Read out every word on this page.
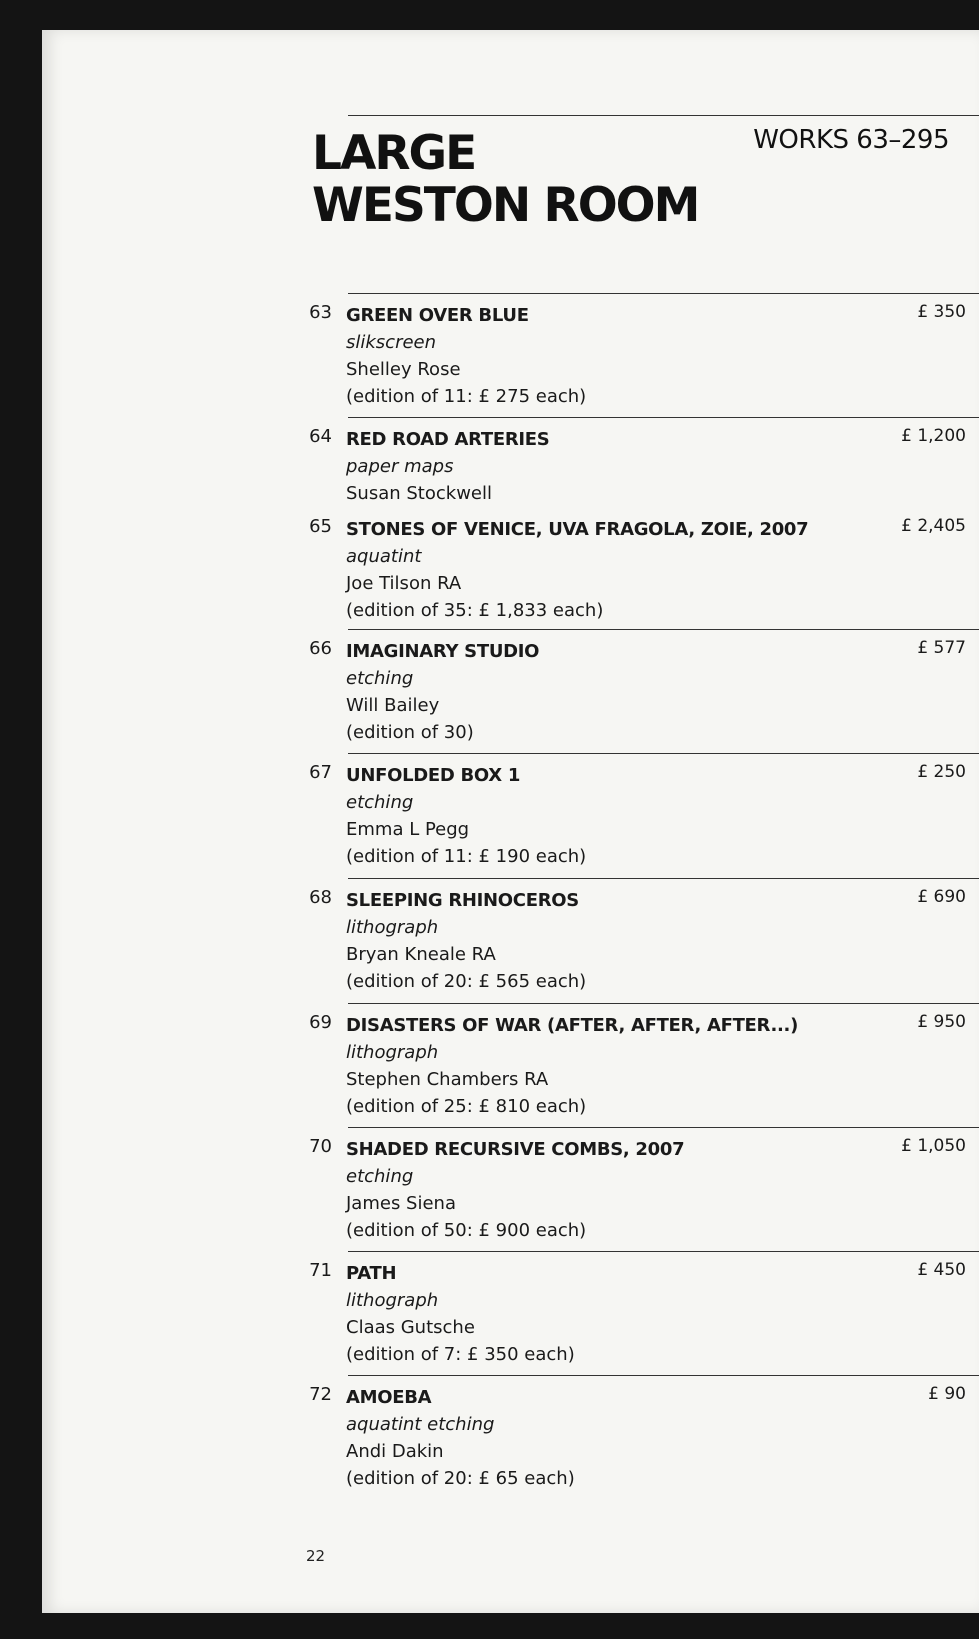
LARGE
WESTON ROOM
WORKS 63–295
63 GREEN OVER BLUE
slikscreen
Shelley Rose
(edition of 11: £ 275 each)
£ 350
64 RED ROAD ARTERIES
paper maps
Susan Stockwell
£ 1,200
65 STONES OF VENICE, UVA FRAGOLA, ZOIE, 2007
aquatint
Joe Tilson RA
(edition of 35: £ 1,833 each)
£ 2,405
66 IMAGINARY STUDIO
etching
Will Bailey
(edition of 30)
£ 577
67 UNFOLDED BOX 1
etching
Emma L Pegg
(edition of 11: £ 190 each)
£ 250
68 SLEEPING RHINOCEROS
lithograph
Bryan Kneale RA
(edition of 20: £ 565 each)
£ 690
69 DISASTERS OF WAR (AFTER, AFTER, AFTER...)
lithograph
Stephen Chambers RA
(edition of 25: £ 810 each)
£ 950
70 SHADED RECURSIVE COMBS, 2007
etching
James Siena
(edition of 50: £ 900 each)
£ 1,050
71 PATH
lithograph
Claas Gutsche
(edition of 7: £ 350 each)
£ 450
72 AMOEBA
aquatint etching
Andi Dakin
(edition of 20: £ 65 each)
£ 90
22
